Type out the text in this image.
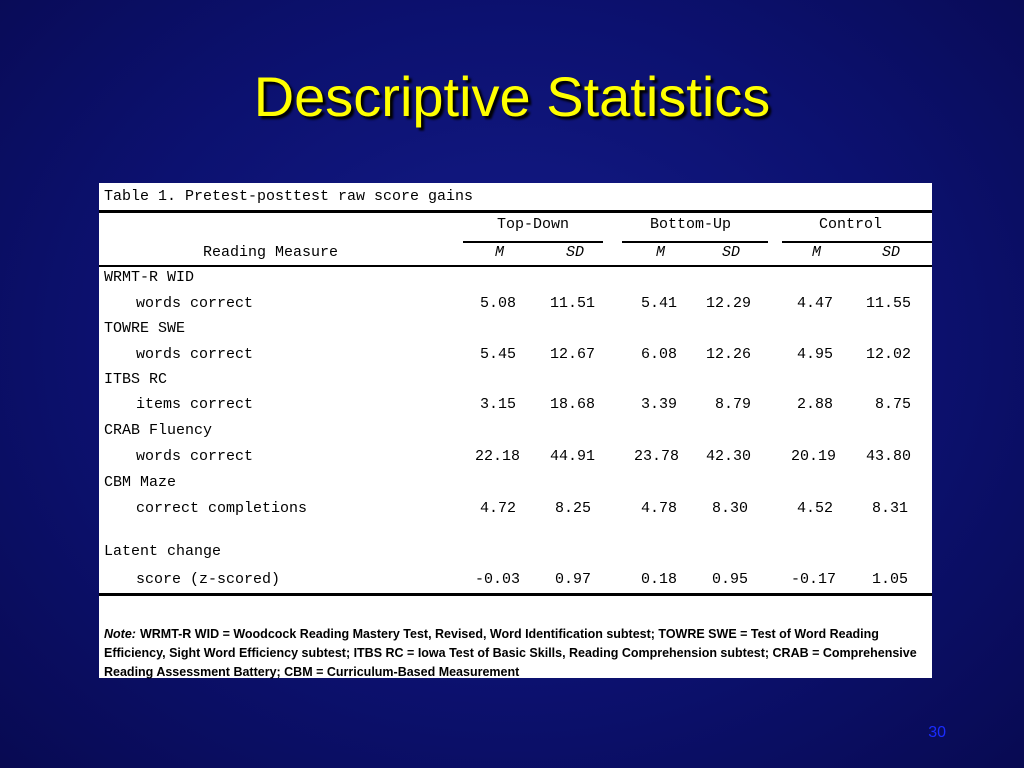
Descriptive Statistics
Table 1. Pretest-posttest raw score gains
Top-Down	Bottom-Up	Control
Reading Measure	M	SD	M	SD	M	SD
WRMT-R WID
words correct	5.08 11.51	5.41 12.29	4.47 11.55
TOWRE SWE
words correct	5.45 12.67	6.08 12.26	4.95 12.02
ITBS RC
items correct	3.15 18.68	3.39	8.79	2.88	8.75
CRAB Fluency
words correct	22.18 44.91	23.78 42.30	20.19 43.80
CBM Maze
correct completions	4.72	8.25	4.78 8.30	4.52	8.31
Latent change
score (z-scored)	-0.03 0.97	0.18 0.95	-0.17 1.05
Note: WRMT-R WID = Woodcock Reading Mastery Test, Revised, Word Identification subtest; TOWRE SWE = Test of Word Reading Efficiency, Sight Word Efficiency subtest; ITBS RC = Iowa Test of Basic Skills, Reading Comprehension subtest; CRAB = Comprehensive Reading Assessment Battery; CBM = Curriculum-Based Measurement
30
